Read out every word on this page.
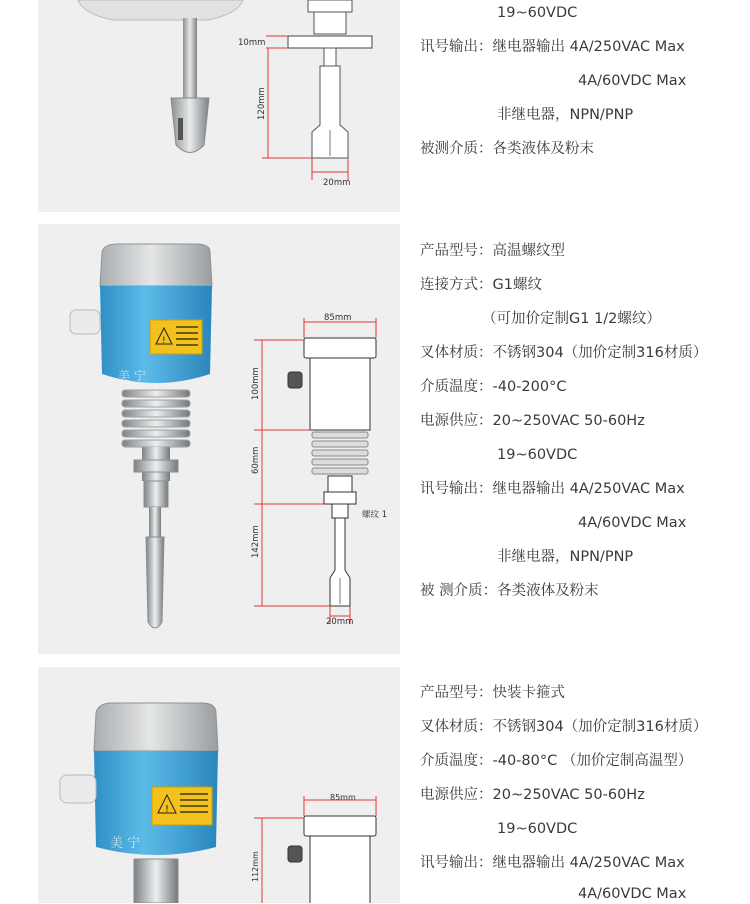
10mm
120mm
20mm
19~60VDC
讯号输出：继电器输出 4A/250VAC Max
4A/60VDC Max
非继电器，NPN/PNP
被测介质：各类液体及粉末
!
美 宁
85mm
100mm
60mm
142mm
螺纹 1
20mm
产品型号：高温螺纹型
连接方式：G1螺纹
（可加价定制G1 1/2螺纹）
叉体材质：不锈钢304（加价定制316材质）
介质温度：-40-200°C
电源供应：20~250VAC 50-60Hz
19~60VDC
讯号输出：继电器输出 4A/250VAC Max
4A/60VDC Max
非继电器，NPN/PNP
被 测介质：各类液体及粉末
!
美 宁
85mm
112mm
产品型号：快装卡箍式
叉体材质：不锈钢304（加价定制316材质）
介质温度：-40-80°C （加价定制高温型）
电源供应：20~250VAC 50-60Hz
19~60VDC
讯号输出：继电器输出 4A/250VAC Max
4A/60VDC Max
